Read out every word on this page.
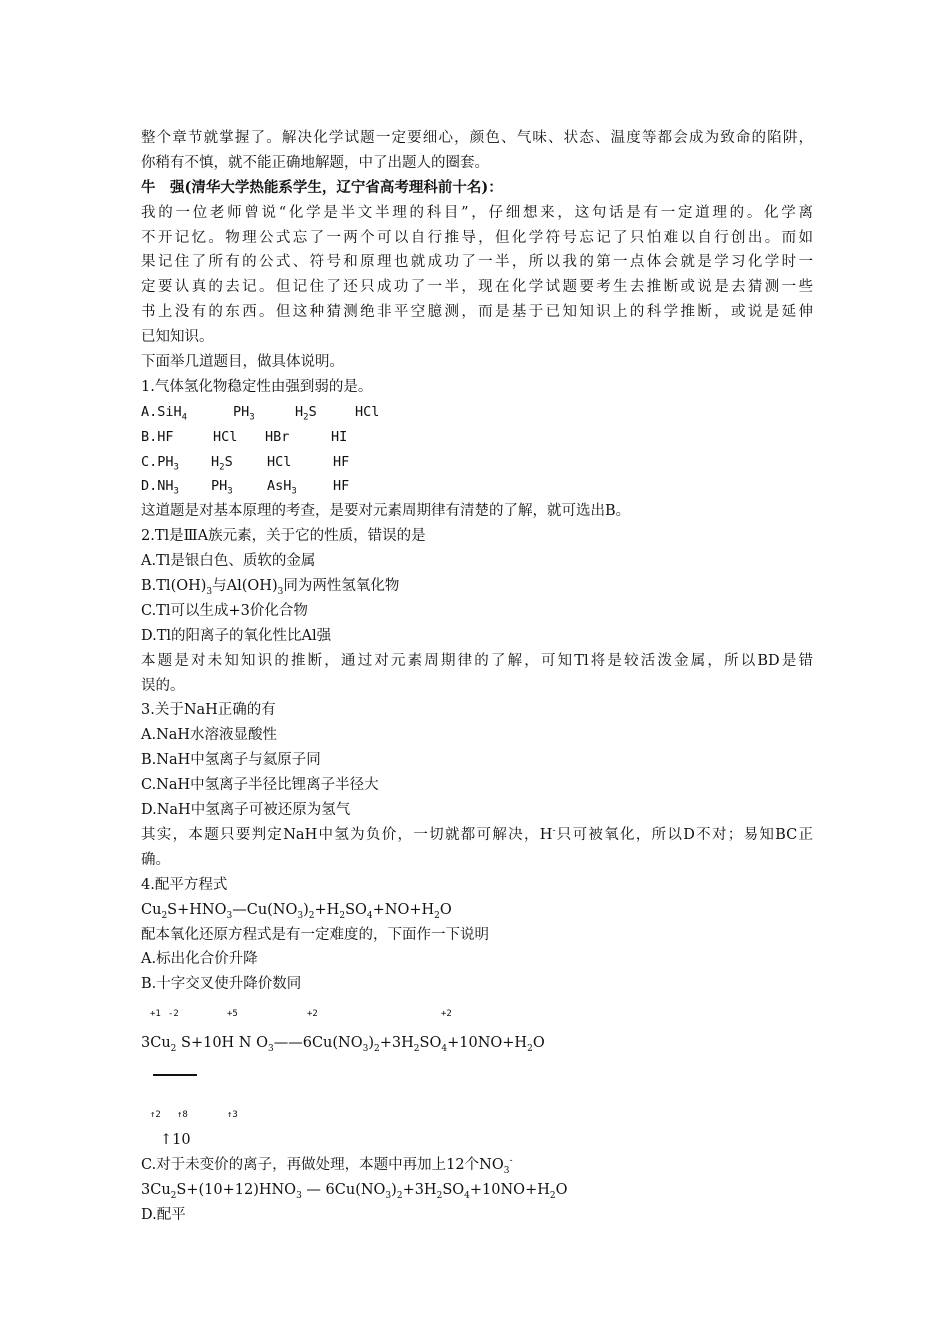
整个章节就掌握了。解决化学试题一定要细心，颜色、气味、状态、温度等都会成为致命的陷阱，
你稍有不慎，就不能正确地解题，中了出题人的圈套。
牛　强(清华大学热能系学生，辽宁省高考理科前十名)：
我的一位老师曾说“化学是半文半理的科目”，仔细想来，这句话是有一定道理的。化学离
不开记忆。物理公式忘了一两个可以自行推导，但化学符号忘记了只怕难以自行创出。而如
果记住了所有的公式、符号和原理也就成功了一半，所以我的第一点体会就是学习化学时一
定要认真的去记。但记住了还只成功了一半，现在化学试题要考生去推断或说是去猜测一些
书上没有的东西。但这种猜测绝非平空臆测，而是基于已知知识上的科学推断，或说是延伸
已知知识。
下面举几道题目，做具体说明。
1.气体氢化物稳定性由强到弱的是。
A.SiH$_4$	$PH_3$	$H_2S$	HCl
B.HF	HCl HBr	HI
$C.PH_3$ $H_2S$	HCl	HF
$D.NH_3$ $PH_3$	AsH$_3$	HF
这道题是对基本原理的考查，是要对元素周期律有清楚的了解，就可选出B。
2.Tl是ⅢA族元素，关于它的性质，错误的是
A.Tl是银白色、质软的金属
$B.Tl(OH)_3$与$Al(OH)_3$同为两性氢氧化物
C.Tl可以生成+3价化合物
D.Tl的阳离子的氧化性比Al强
本题是对未知知识的推断，通过对元素周期律的了解，可知Tl将是较活泼金属，所以BD是错
误的。
3.关于NaH正确的有
A.NaH水溶液显酸性
B.NaH中氢离子与氦原子同
C.NaH中氢离子半径比锂离子半径大
D.NaH中氢离子可被还原为氢气
其实，本题只要判定NaH中氢为负价，一切就都可解决，H-只可被氧化，所以D不对；易知BC正
确。
4.配平方程式
$Cu_2S+HNO_3—Cu(NO_3)_2+H_2SO_4+NO+H_2O$
配本氧化还原方程式是有一定难度的，下面作一下说明
A.标出化合价升降
B.十字交叉使升降价数同
+1 -2	+5	+2	+2
$3Cu_2$ S+10H N $O_3——6Cu(NO_3)_2+3H_2SO_4+10NO+H_2O$
↑2 ↑8	↑3
↑10
C.对于未变价的离子，再做处理，本题中再加上12个$NO_3^-$
$3Cu_2S+(10+12)HNO_3$ — $6Cu(NO_3)_2+3H_2SO_4+10NO+H_2O$
D.配平
